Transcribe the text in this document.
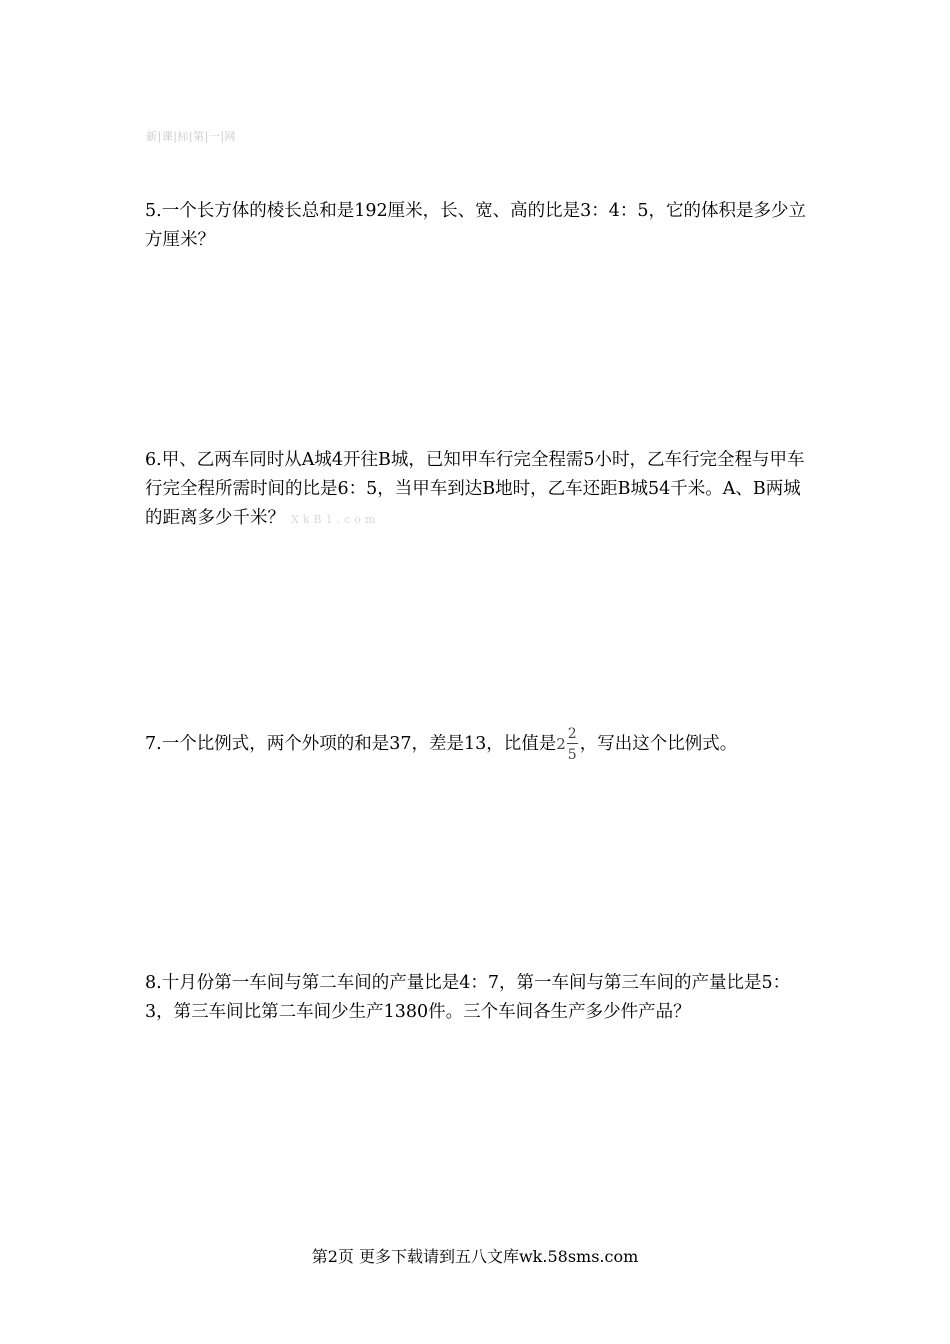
新|课|标|第|一|网

5.一个长方体的棱长总和是192厘米，长、宽、高的比是3：4：5，它的体积是多少立方厘米？

6.甲、乙两车同时从A城4开往B城，已知甲车行完全程需5小时，乙车行完全程与甲车行完全程所需时间的比是6：5，当甲车到达B地时，乙车还距B城54千米。A、B两城的距离多少千米？ XkB1.com

7.一个比例式，两个外项的和是37，差是13，比值是$2 \frac{2}{5}$ ，写出这个比例式。

8.十月份第一车间与第二车间的产量比是4：7，第一车间与第三车间的产量比是5：3，第三车间比第二车间少生产1380件。三个车间各生产多少件产品？

第2页 更多下载请到五八文库wk.58sms.com
